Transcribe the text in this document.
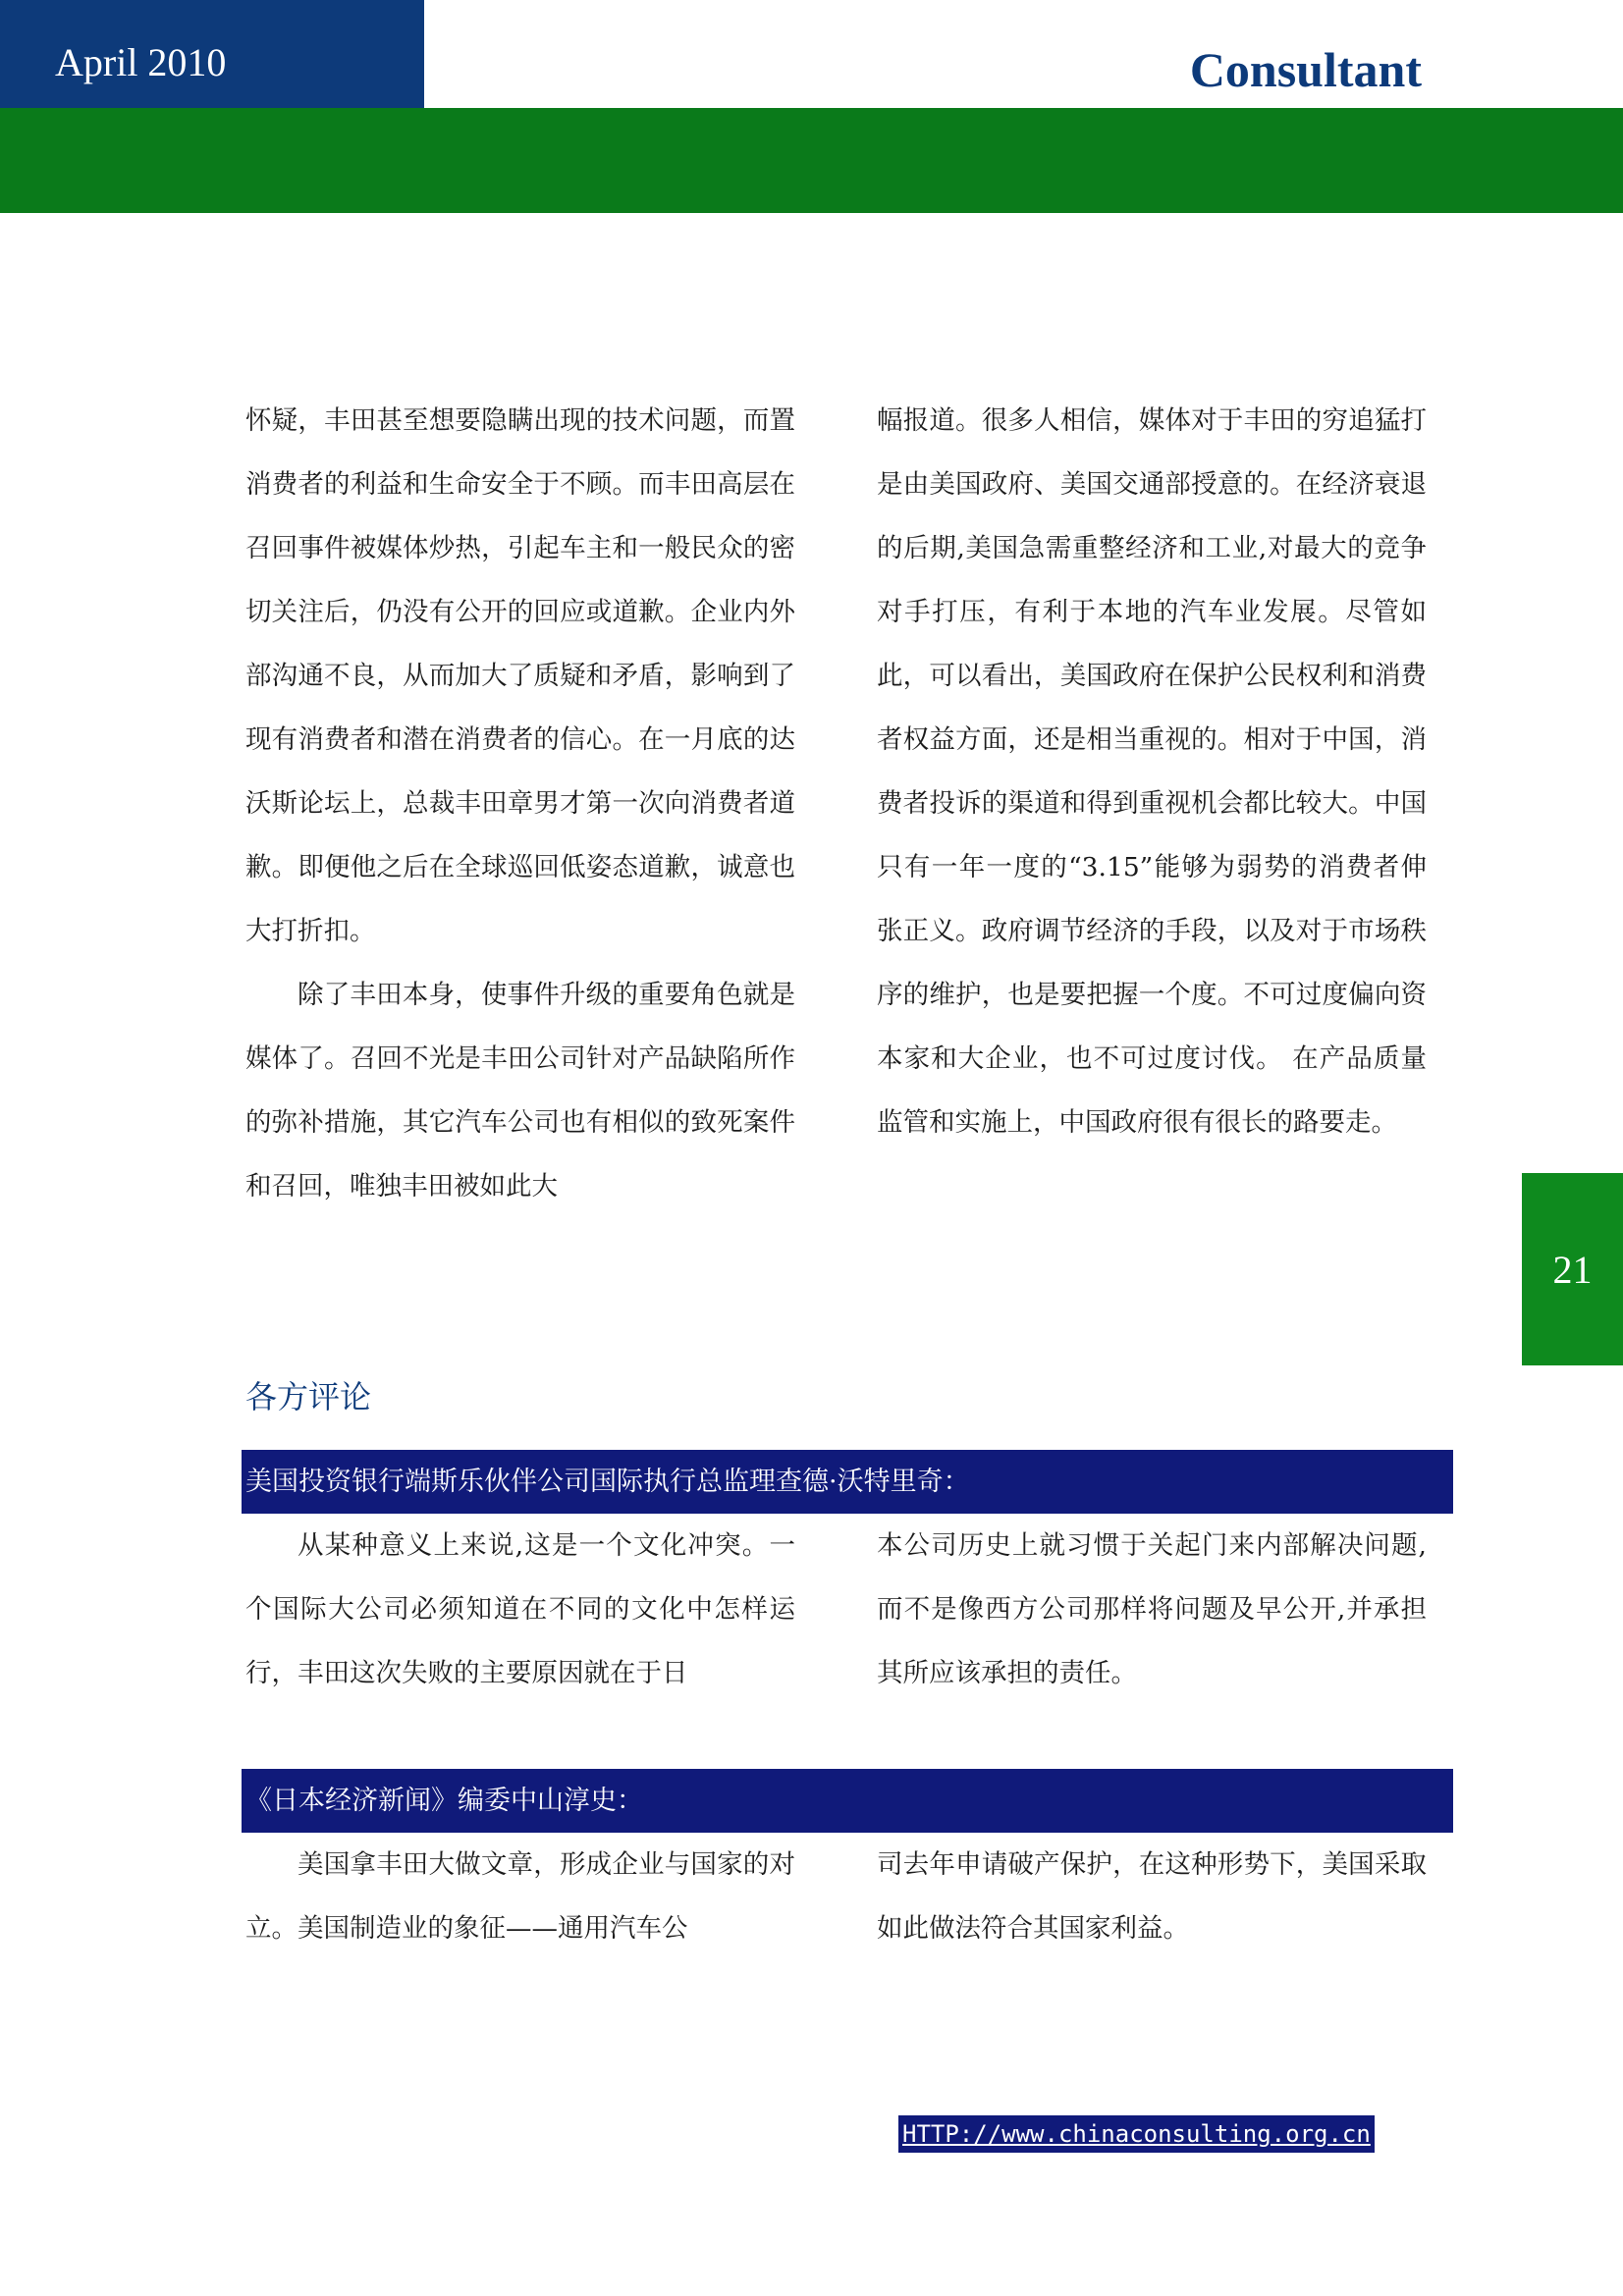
April 2010	Consultant

怀疑，丰田甚至想要隐瞒出现的技术问题，而置消费者的利益和生命安全于不顾。而丰田高层在召回事件被媒体炒热，引起车主和一般民众的密切关注后，仍没有公开的回应或道歉。企业内外部沟通不良，从而加大了质疑和矛盾，影响到了现有消费者和潜在消费者的信心。在一月底的达沃斯论坛上，总裁丰田章男才第一次向消费者道歉。即便他之后在全球巡回低姿态道歉，诚意也大打折扣。

除了丰田本身，使事件升级的重要角色就是媒体了。召回不光是丰田公司针对产品缺陷所作的弥补措施，其它汽车公司也有相似的致死案件和召回，唯独丰田被如此大

幅报道。很多人相信，媒体对于丰田的穷追猛打是由美国政府、美国交通部授意的。在经济衰退的后期,美国急需重整经济和工业,对最大的竞争对手打压，有利于本地的汽车业发展。尽管如此，可以看出，美国政府在保护公民权利和消费者权益方面，还是相当重视的。相对于中国，消费者投诉的渠道和得到重视机会都比较大。中国只有一年一度的“3.15”能够为弱势的消费者伸张正义。政府调节经济的手段，以及对于市场秩序的维护，也是要把握一个度。不可过度偏向资本家和大企业，也不可过度讨伐。 在产品质量监管和实施上，中国政府很有很长的路要走。

21
各方评论
美国投资银行端斯乐伙伴公司国际执行总监理查德·沃特里奇：

从某种意义上来说,这是一个文化冲突。一个国际大公司必须知道在不同的文化中怎样运行，丰田这次失败的主要原因就在于日

本公司历史上就习惯于关起门来内部解决问题,而不是像西方公司那样将问题及早公开,并承担其所应该承担的责任。

《日本经济新闻》编委中山淳史：

美国拿丰田大做文章，形成企业与国家的对立。美国制造业的象征——通用汽车公

司去年申请破产保护，在这种形势下，美国采取如此做法符合其国家利益。

HTTP://www.chinaconsulting.org.cn
